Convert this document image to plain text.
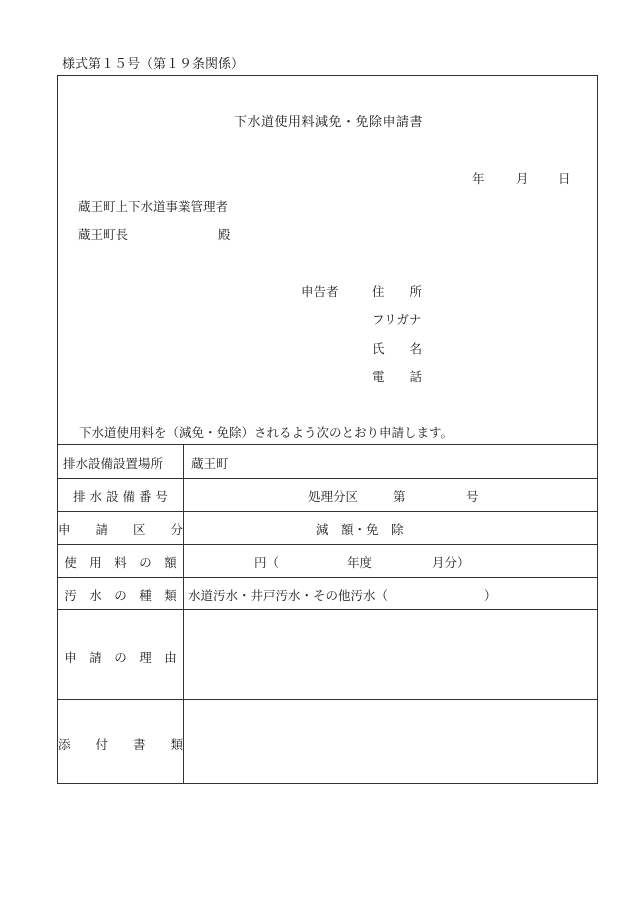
様式第１５号（第１９条関係）
下水道使用料減免・免除申請書
年	月 日
蔵王町上下水道事業管理者
蔵王町長	殿
申告者	住　　所
フリガナ
氏　　名
電　　話
下水道使用料を（減免・免除）されるよう次のとおり申請します。
排水設備設置場所	蔵王町
排 水 設 備 番 号	処理分区	第	号
申　　請　　区　　分	減　額・免　除
使　用　料　の　額	円（	年度	月分）
汚　水　の　種　類 水道汚水・井戸汚水・その他汚水（	）
申　請　の　理　由
添　　付　　書　　類
